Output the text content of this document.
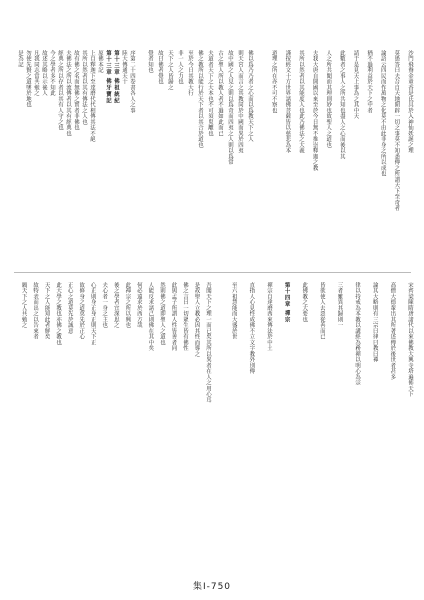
沙門飛鴦金童香是氏具於入神仙妖誕之理
莫愚答曰夫吾自天地開辟一切之事莫不知悉傳之所謂天下至奇者
論語云四民而作萬物之化莫不由此非身之所以成也
猶不過利益於天下之中者
請于是見天上事為之其中天
此數者之事人之所共知也盡人之心而後以其
人之所共聞而其理則妙也故聖人之道也
夫我大唐自開國以來至於今日無不推崇釋迦之教
其所以然者以其能度人也此乃佛法之大義
謹按經文十方世界諸佛菩薩皆以慈悲為本
道理之所在亦不可不察也
佛以爲乃乃者之心而以爲教天下之人
則天宮人而言之其教同於中國而異於四夷
故中國之人見之則以爲奇而四夷之人則以爲常
古之聖人所以教人者不過如此而已
夫道者天下之大本也不可須臾離也
佛之教所以能行於天下者以其合於道也
至於今日其教大行
非一人之力也
天下之人皆歸之
故曰佛者覺也
覺者知也
序第二十四卷書各人之事
陸大傳通天十
第十三章 佛祖統紀
第十三章 佛牙寶記
原佛本記
上自釋迦下至達磨代代相傳其法不絕
其所以然者以其有傳法之人也
故有佛之名而無佛之實者非佛也
夫佛法之所以流傳者以其有經典也
經典之所以存者以其有人守之也
今之學者多不知此
故述其略以示後人
凡我同志當共勉之
勿使先賢之道墜於地也
是為記
宋齊梁陳隋唐諸代以來佛教大興寺塔遍佈天下
高僧大德輩出其所著述傳於後世者甚多
論其大略則有三宗曰律曰教曰禪
律以持戒為本教以講經為務禪以明心為宗
三者雖異其歸則一
皆欲使人去惡從善而已
此佛教之大要也
第十四章 禪宗
禪宗自達磨西來傳法於中土
直指人心見性成佛不立文字教外別傳
至六祖慧能而大盛於世
吾聞天下之理一而已矣其所以異者在人之用心耳
是故聖人立教必因其性而導之
佛之言曰一切眾生皆有佛性
此與孟子所謂人性皆善者同
然則佛之道即聖人之道也
人能反求諸己則佛在其中矣
何必遠求於西方哉
此禪宗之所以興也
後之學者宜深思之
夫心者一身之主也
心正則身正身正則天下正
故修身之道莫先於正心
正心之道莫先於誠意
此大學之教也亦佛之教也
天下之人能知此者鮮矣
故特表而出之以告來者
願天下之人共勉之
集Ⅰ-750
